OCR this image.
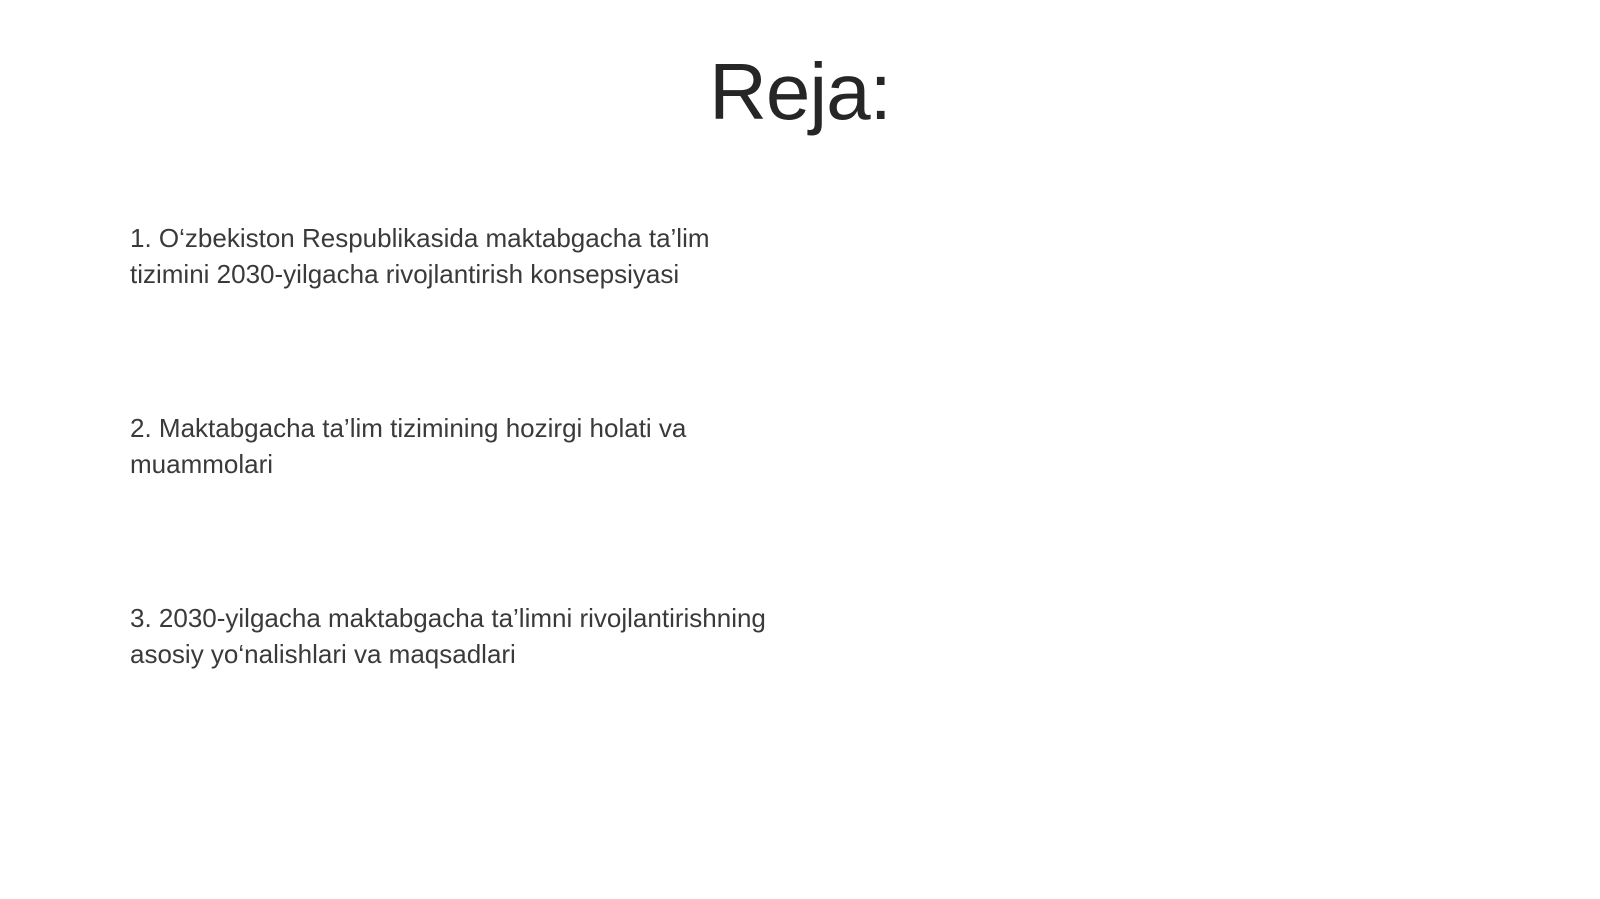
Reja:

1. O‘zbekiston Respublikasida maktabgacha ta’lim
tizimini 2030-yilgacha rivojlantirish konsepsiyasi

2. Maktabgacha ta’lim tizimining hozirgi holati va
muammolari

3. 2030-yilgacha maktabgacha ta’limni rivojlantirishning
asosiy yo‘nalishlari va maqsadlari
